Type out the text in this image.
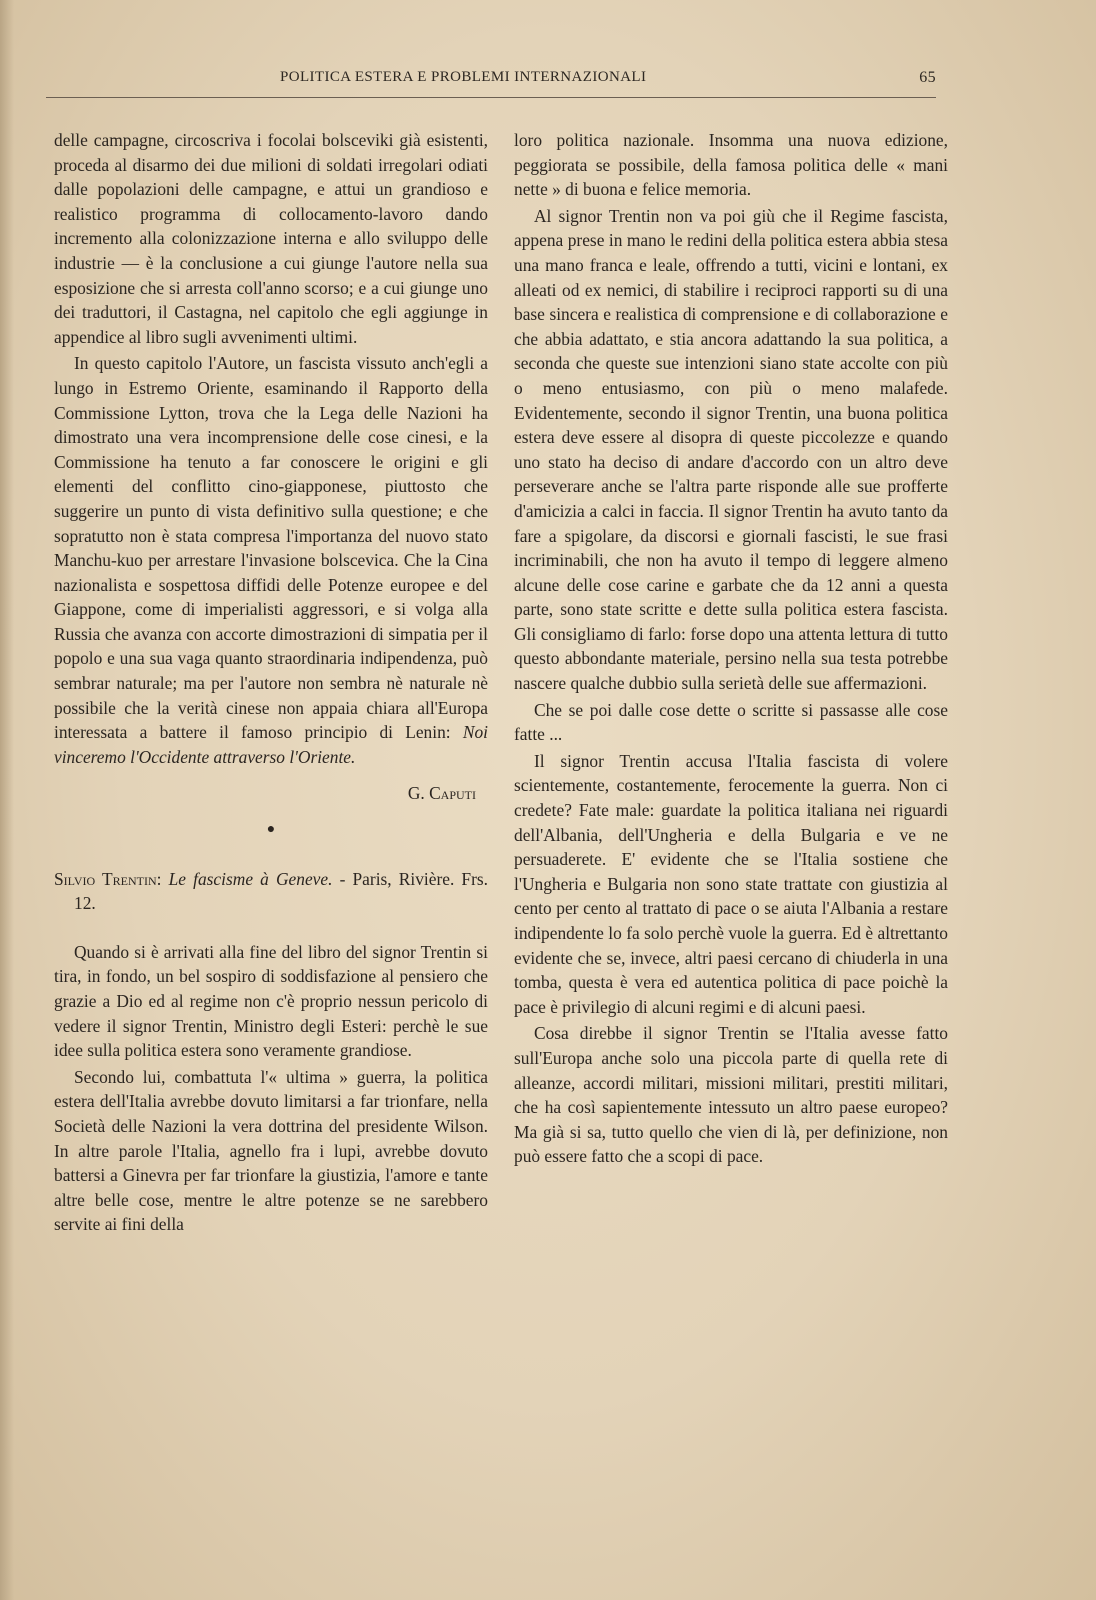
POLITICA ESTERA E PROBLEMI INTERNAZIONALI	65

delle campagne, circoscriva i focolai bolsceviki già esistenti, proceda al disarmo dei due milioni di soldati irregolari odiati dalle popolazioni delle campagne, e attui un grandioso e realistico programma di collocamento-lavoro dando incremento alla colonizzazione interna e allo sviluppo delle industrie — è la conclusione a cui giunge l'autore nella sua esposizione che si arresta coll'anno scorso; e a cui giunge uno dei traduttori, il Castagna, nel capitolo che egli aggiunge in appendice al libro sugli avvenimenti ultimi.

In questo capitolo l'Autore, un fascista vissuto anch'egli a lungo in Estremo Oriente, esaminando il Rapporto della Commissione Lytton, trova che la Lega delle Nazioni ha dimostrato una vera incomprensione delle cose cinesi, e la Commissione ha tenuto a far conoscere le origini e gli elementi del conflitto cino-giapponese, piuttosto che suggerire un punto di vista definitivo sulla questione; e che sopratutto non è stata compresa l'importanza del nuovo stato Manchu-kuo per arrestare l'invasione bolscevica. Che la Cina nazionalista e sospettosa diffidi delle Potenze europee e del Giappone, come di imperialisti aggressori, e si volga alla Russia che avanza con accorte dimostrazioni di simpatia per il popolo e una sua vaga quanto straordinaria indipendenza, può sembrar naturale; ma per l'autore non sembra nè naturale nè possibile che la verità cinese non appaia chiara all'Europa interessata a battere il famoso principio di Lenin: Noi vinceremo l'Occidente attraverso l'Oriente.

G. Caputi

●

Silvio Trentin: Le fascisme à Geneve. - Paris, Rivière. Frs. 12.

Quando si è arrivati alla fine del libro del signor Trentin si tira, in fondo, un bel sospiro di soddisfazione al pensiero che grazie a Dio ed al regime non c'è proprio nessun pericolo di vedere il signor Trentin, Ministro degli Esteri: perchè le sue idee sulla politica estera sono veramente grandiose.

Secondo lui, combattuta l'« ultima » guerra, la politica estera dell'Italia avrebbe dovuto limitarsi a far trionfare, nella Società delle Nazioni la vera dottrina del presidente Wilson. In altre parole l'Italia, agnello fra i lupi, avrebbe dovuto battersi a Ginevra per far trionfare la giustizia, l'amore e tante altre belle cose, mentre le altre potenze se ne sarebbero servite ai fini della

loro politica nazionale. Insomma una nuova edizione, peggiorata se possibile, della famosa politica delle « mani nette » di buona e felice memoria.

Al signor Trentin non va poi giù che il Regime fascista, appena prese in mano le redini della politica estera abbia stesa una mano franca e leale, offrendo a tutti, vicini e lontani, ex alleati od ex nemici, di stabilire i reciproci rapporti su di una base sincera e realistica di comprensione e di collaborazione e che abbia adattato, e stia ancora adattando la sua politica, a seconda che queste sue intenzioni siano state accolte con più o meno entusiasmo, con più o meno malafede. Evidentemente, secondo il signor Trentin, una buona politica estera deve essere al disopra di queste piccolezze e quando uno stato ha deciso di andare d'accordo con un altro deve perseverare anche se l'altra parte risponde alle sue profferte d'amicizia a calci in faccia. Il signor Trentin ha avuto tanto da fare a spigolare, da discorsi e giornali fascisti, le sue frasi incriminabili, che non ha avuto il tempo di leggere almeno alcune delle cose carine e garbate che da 12 anni a questa parte, sono state scritte e dette sulla politica estera fascista. Gli consigliamo di farlo: forse dopo una attenta lettura di tutto questo abbondante materiale, persino nella sua testa potrebbe nascere qualche dubbio sulla serietà delle sue affermazioni.

Che se poi dalle cose dette o scritte si passasse alle cose fatte ...

Il signor Trentin accusa l'Italia fascista di volere scientemente, costantemente, ferocemente la guerra. Non ci credete? Fate male: guardate la politica italiana nei riguardi dell'Albania, dell'Ungheria e della Bulgaria e ve ne persuaderete. E' evidente che se l'Italia sostiene che l'Ungheria e Bulgaria non sono state trattate con giustizia al cento per cento al trattato di pace o se aiuta l'Albania a restare indipendente lo fa solo perchè vuole la guerra. Ed è altrettanto evidente che se, invece, altri paesi cercano di chiuderla in una tomba, questa è vera ed autentica politica di pace poichè la pace è privilegio di alcuni regimi e di alcuni paesi.

Cosa direbbe il signor Trentin se l'Italia avesse fatto sull'Europa anche solo una piccola parte di quella rete di alleanze, accordi militari, missioni militari, prestiti militari, che ha così sapientemente intessuto un altro paese europeo? Ma già si sa, tutto quello che vien di là, per definizione, non può essere fatto che a scopi di pace.
